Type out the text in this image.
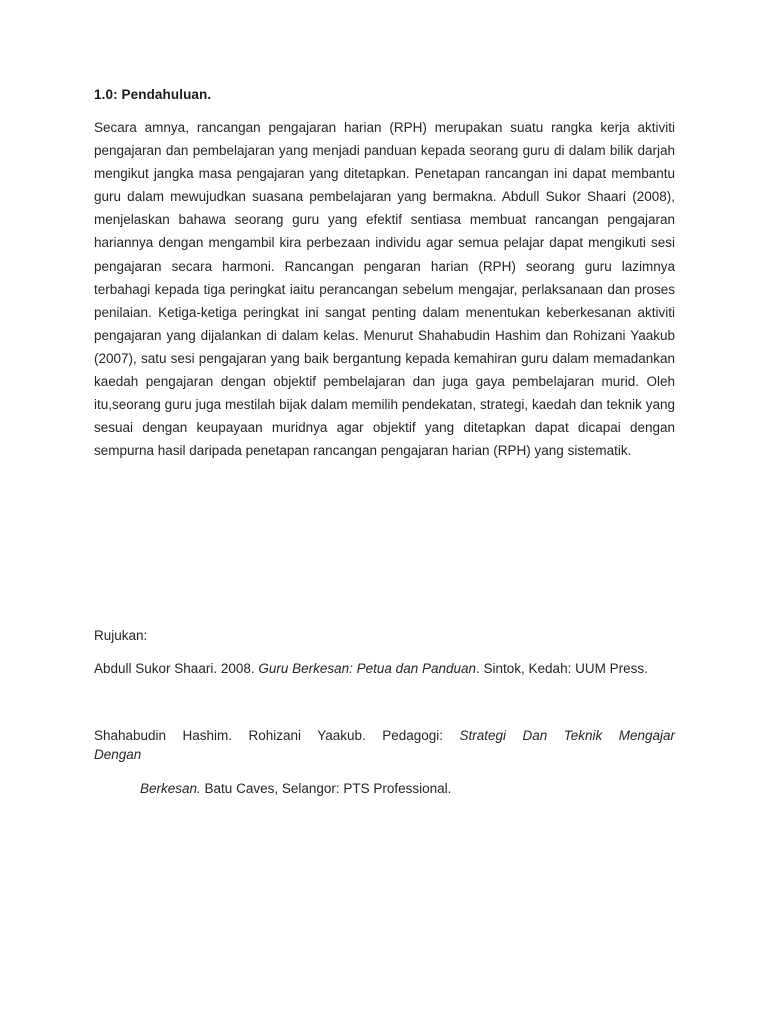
1.0: Pendahuluan.

Secara amnya, rancangan pengajaran harian (RPH) merupakan suatu rangka kerja aktiviti pengajaran dan pembelajaran yang menjadi panduan kepada seorang guru di dalam bilik darjah mengikut jangka masa pengajaran yang ditetapkan. Penetapan rancangan ini dapat membantu guru dalam mewujudkan suasana pembelajaran yang bermakna. Abdull Sukor Shaari (2008), menjelaskan bahawa seorang guru yang efektif sentiasa membuat rancangan pengajaran hariannya dengan mengambil kira perbezaan individu agar semua pelajar dapat mengikuti sesi pengajaran secara harmoni. Rancangan pengaran harian (RPH) seorang guru lazimnya terbahagi kepada tiga peringkat iaitu perancangan sebelum mengajar, perlaksanaan dan proses penilaian. Ketiga-ketiga peringkat ini sangat penting dalam menentukan keberkesanan aktiviti pengajaran yang dijalankan di dalam kelas. Menurut Shahabudin Hashim dan Rohizani Yaakub (2007), satu sesi pengajaran yang baik bergantung kepada kemahiran guru dalam memadankan kaedah pengajaran dengan objektif pembelajaran dan juga gaya pembelajaran murid. Oleh itu,seorang guru juga mestilah bijak dalam memilih pendekatan, strategi, kaedah dan teknik yang sesuai dengan keupayaan muridnya agar objektif yang ditetapkan dapat dicapai dengan sempurna hasil daripada penetapan rancangan pengajaran harian (RPH) yang sistematik.

Rujukan:
Abdull Sukor Shaari. 2008. Guru Berkesan: Petua dan Panduan. Sintok, Kedah: UUM Press.

Shahabudin Hashim. Rohizani Yaakub. Pedagogi: Strategi Dan Teknik Mengajar

Dengan
Berkesan. Batu Caves, Selangor: PTS Professional.
